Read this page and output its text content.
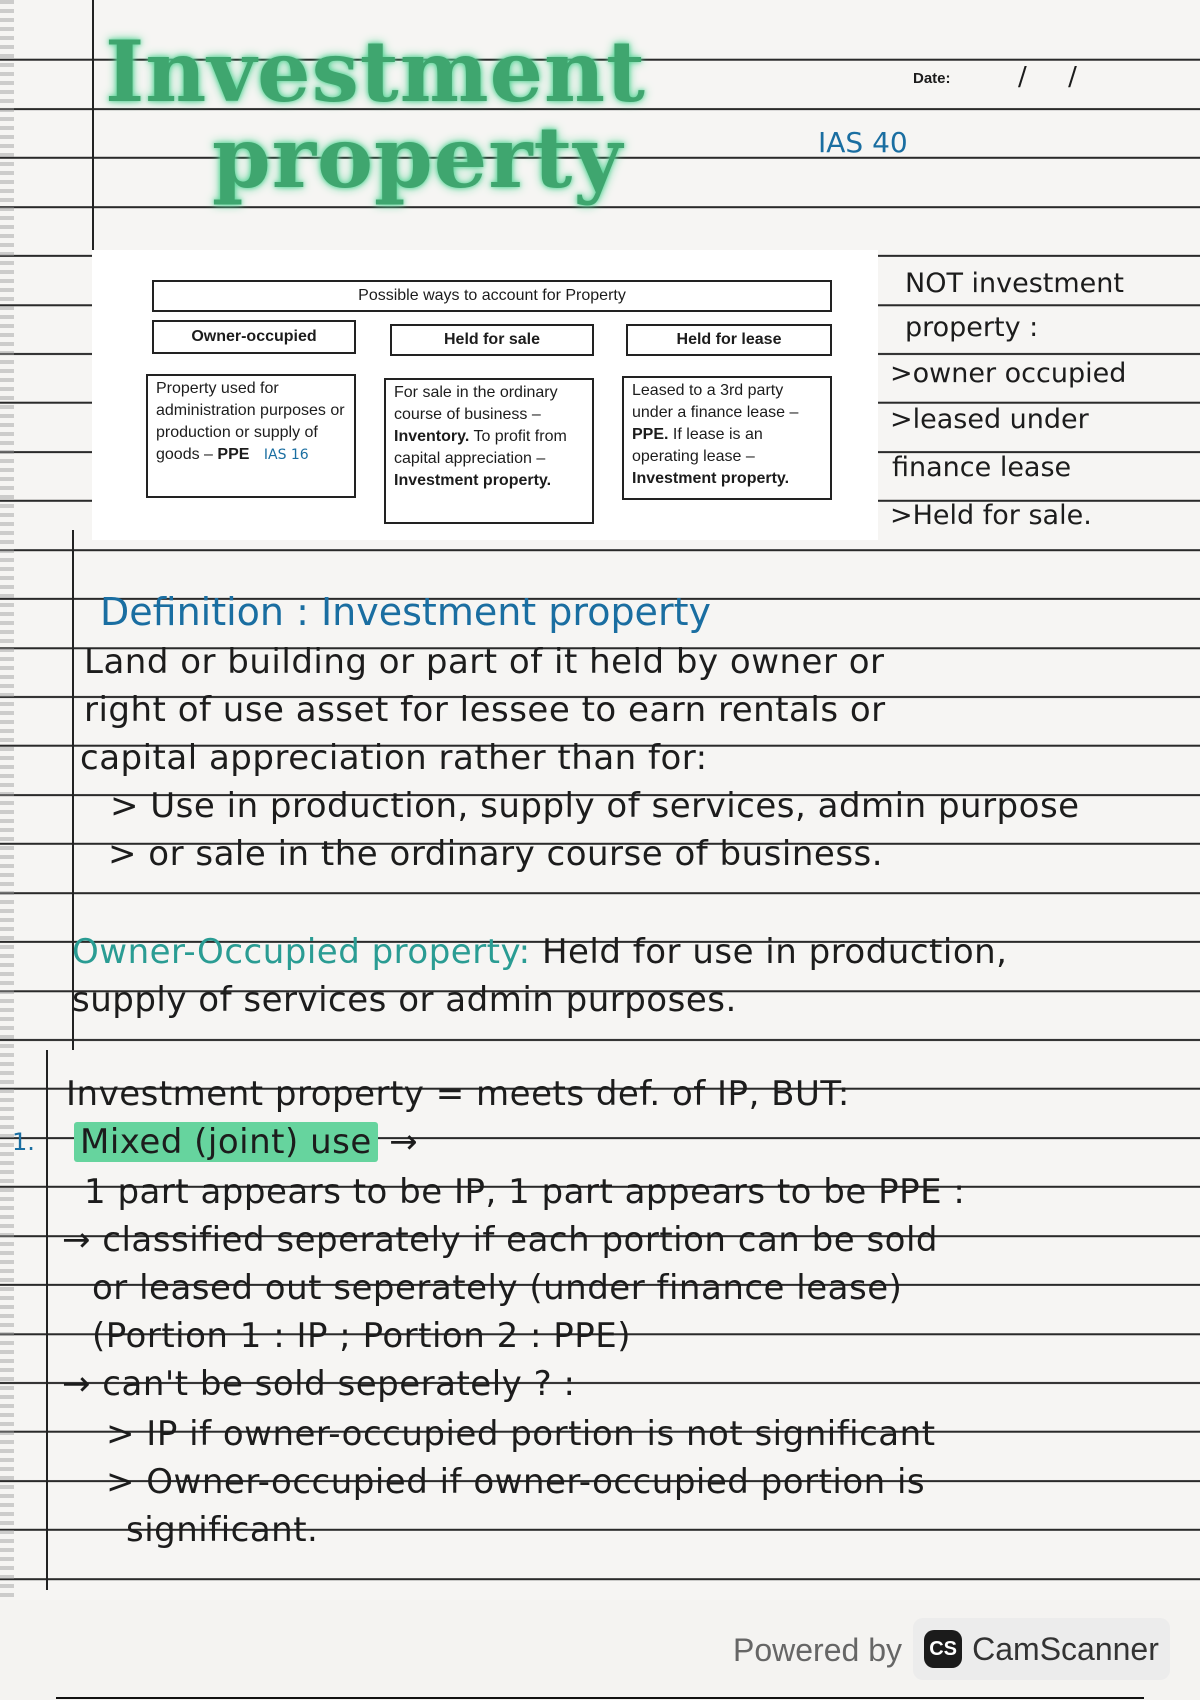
Investment
property
Date:	/     /
IAS 40
Possible ways to account for Property
Owner-occupied	Held for sale	Held for lease
Property used for administration purposes or production or supply of goods – PPE IAS 16
For sale in the ordinary course of business – Inventory. To profit from capital appreciation – Investment property.
Leased to a 3rd party under a finance lease – PPE. If lease is an operating lease – Investment property.
NOT investment
property :
>owner occupied
>leased under
finance lease
>Held for sale.
Definition : Investment property
Land or building or part of it held by owner or
right of use asset for lessee to earn rentals or
capital appreciation rather than for:
> Use in production, supply of services, admin purpose
> or sale in the ordinary course of business.
Owner-Occupied property: Held for use in production,
supply of services or admin purposes.
Investment property = meets def. of IP, BUT:
1. Mixed (joint) use →
1 part appears to be IP, 1 part appears to be PPE :
→ classified seperately if each portion can be sold
or leased out seperately (under finance lease)
(Portion 1 : IP ; Portion 2 : PPE)
→ can't be sold seperately ? :
> IP if owner-occupied portion is not significant
> Owner-occupied if owner-occupied portion is
significant.
Powered by CS CamScanner
